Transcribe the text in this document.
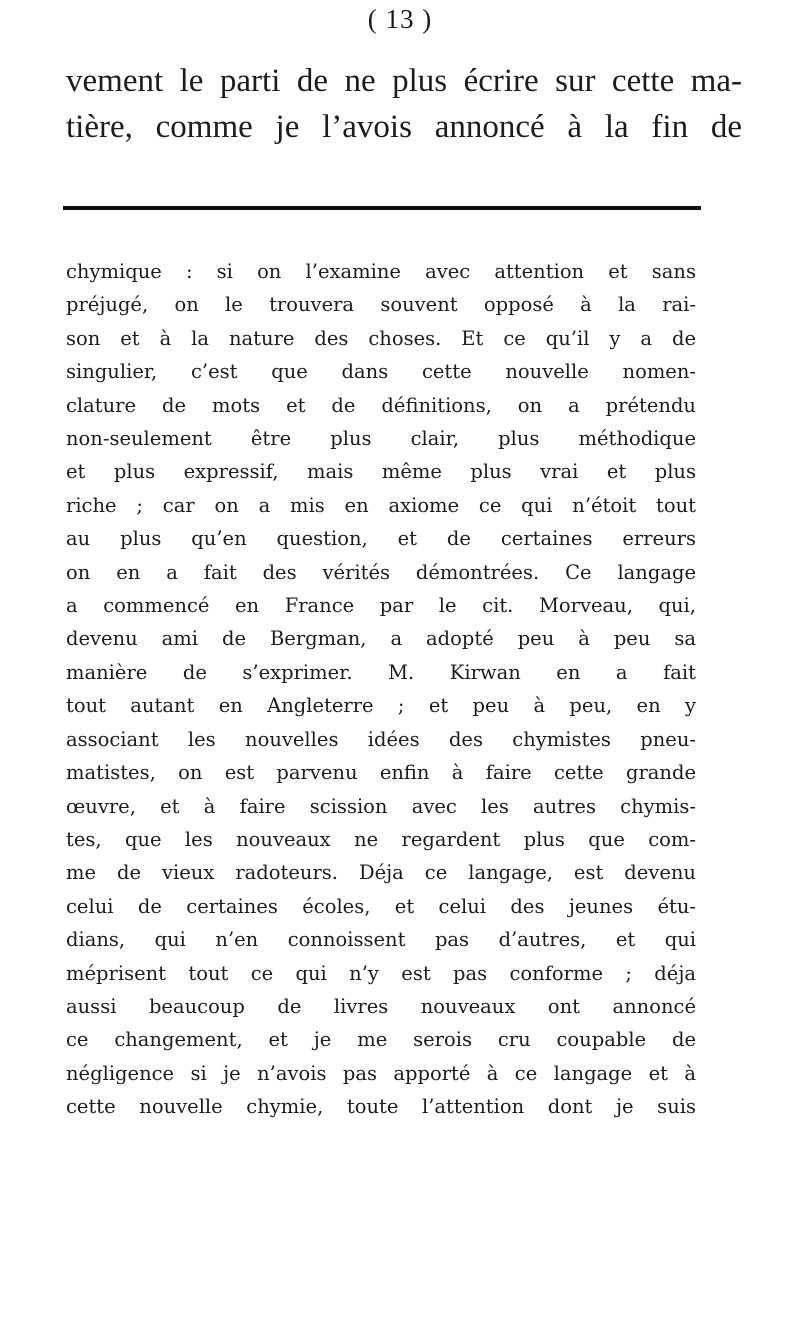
( 13 )
vement le parti de ne plus écrire sur cette ma-
tière, comme je l’avois annoncé à la fin de
chymique : si on l’examine avec attention et sans
préjugé, on le trouvera souvent opposé à la rai-
son et à la nature des choses. Et ce qu’il y a de
singulier, c’est que dans cette nouvelle nomen-
clature de mots et de définitions, on a prétendu
non-seulement être plus clair, plus méthodique
et plus expressif, mais même plus vrai et plus
riche ; car on a mis en axiome ce qui n’étoit tout
au plus qu’en question, et de certaines erreurs
on en a fait des vérités démontrées. Ce langage
a commencé en France par le cit. Morveau, qui,
devenu ami de Bergman, a adopté peu à peu sa
manière de s’exprimer. M. Kirwan en a fait
tout autant en Angleterre ; et peu à peu, en y
associant les nouvelles idées des chymistes pneu-
matistes, on est parvenu enfin à faire cette grande
œuvre, et à faire scission avec les autres chymis-
tes, que les nouveaux ne regardent plus que com-
me de vieux radoteurs. Déja ce langage, est devenu
celui de certaines écoles, et celui des jeunes étu-
dians, qui n’en connoissent pas d’autres, et qui
méprisent tout ce qui n’y est pas conforme ; déja
aussi beaucoup de livres nouveaux ont annoncé
ce changement, et je me serois cru coupable de
négligence si je n’avois pas apporté à ce langage et à
cette nouvelle chymie, toute l’attention dont je suis
